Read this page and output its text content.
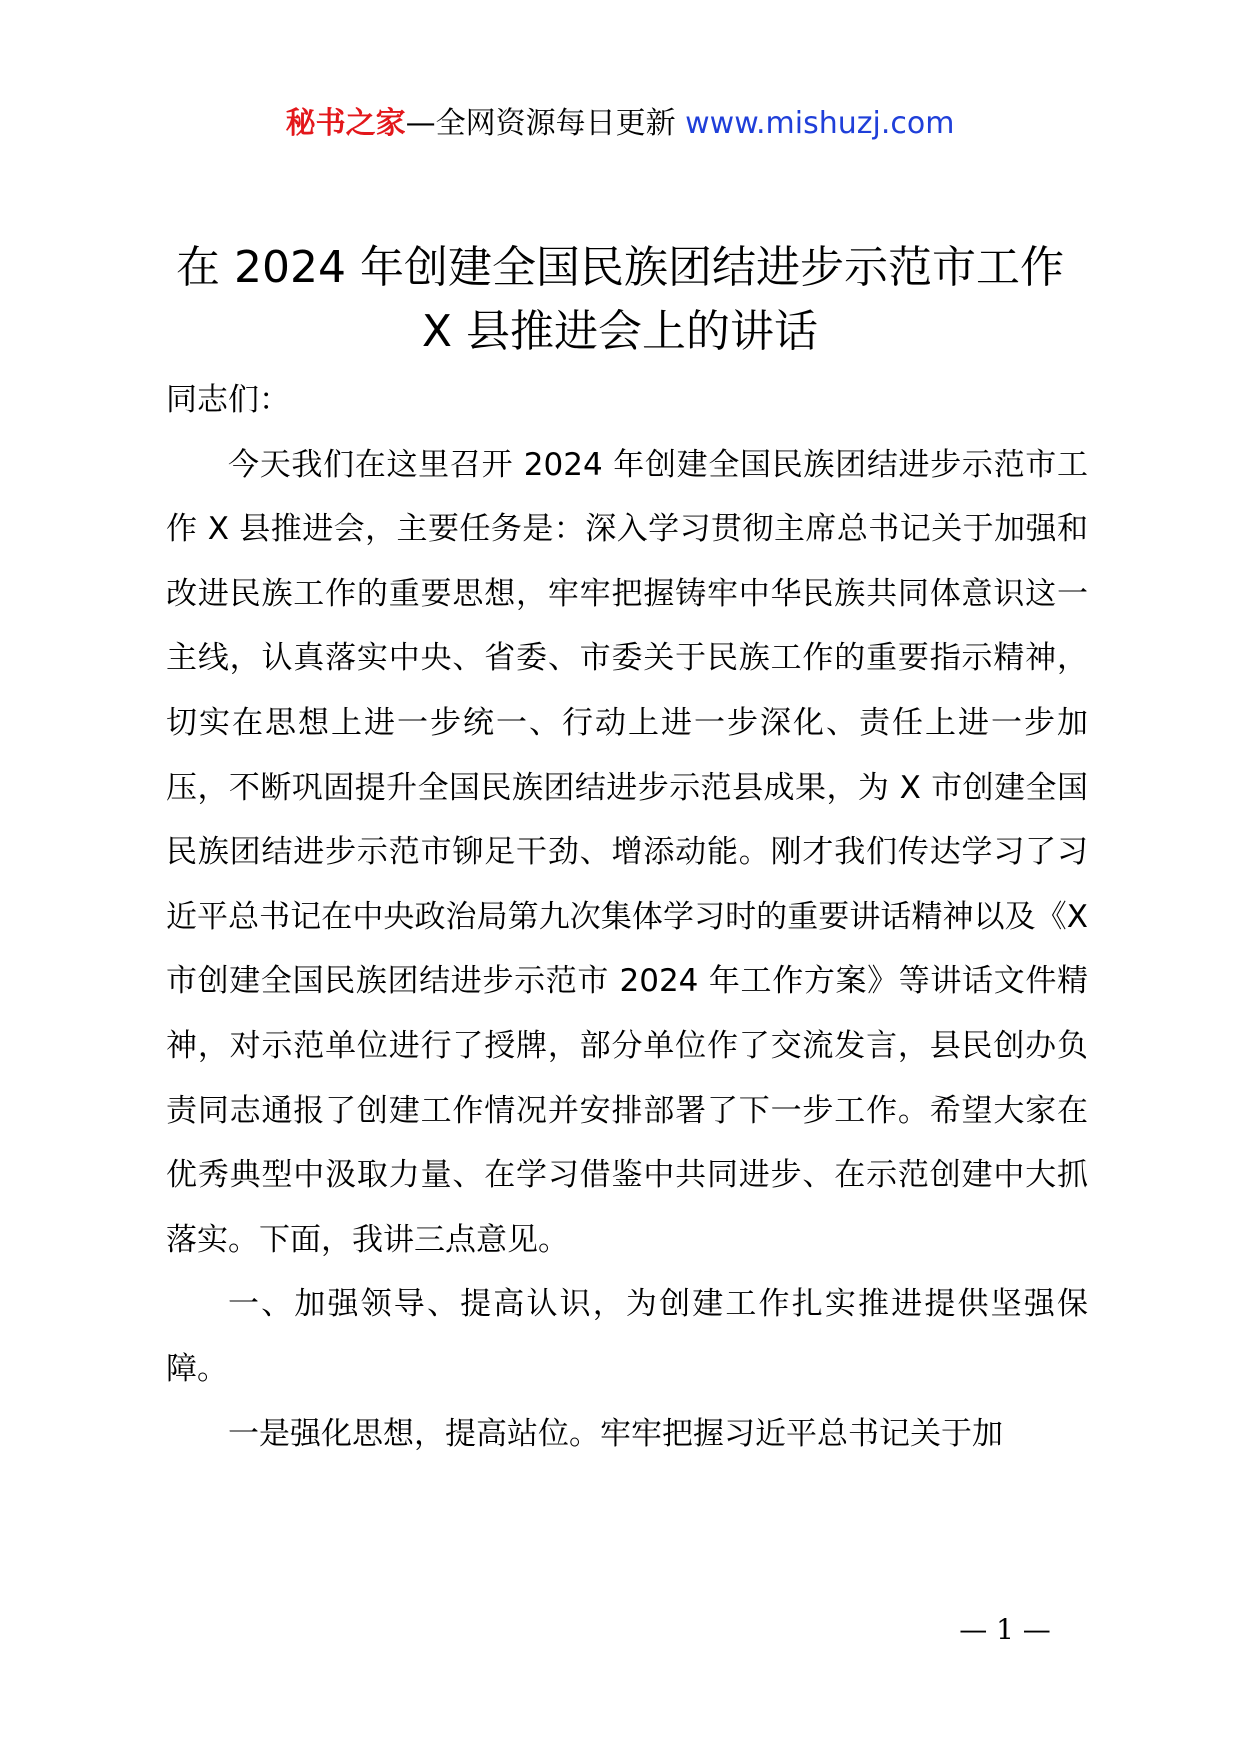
秘书之家—全网资源每日更新 www.mishuzj.com
在 2024 年创建全国民族团结进步示范市工作
X 县推进会上的讲话

同志们：

今天我们在这里召开 2024 年创建全国民族团结进步示范市工作 X 县推进会，主要任务是：深入学习贯彻主席总书记关于加强和改进民族工作的重要思想，牢牢把握铸牢中华民族共同体意识这一主线，认真落实中央、省委、市委关于民族工作的重要指示精神，切实在思想上进一步统一、行动上进一步深化、责任上进一步加压，不断巩固提升全国民族团结进步示范县成果，为 X 市创建全国民族团结进步示范市铆足干劲、增添动能。刚才我们传达学习了习近平总书记在中央政治局第九次集体学习时的重要讲话精神以及《X 市创建全国民族团结进步示范市 2024 年工作方案》等讲话文件精神，对示范单位进行了授牌，部分单位作了交流发言，县民创办负责同志通报了创建工作情况并安排部署了下一步工作。希望大家在优秀典型中汲取力量、在学习借鉴中共同进步、在示范创建中大抓落实。下面，我讲三点意见。

一、加强领导、提高认识，为创建工作扎实推进提供坚强保障。

一是强化思想，提高站位。牢牢把握习近平总书记关于加

— 1 —
